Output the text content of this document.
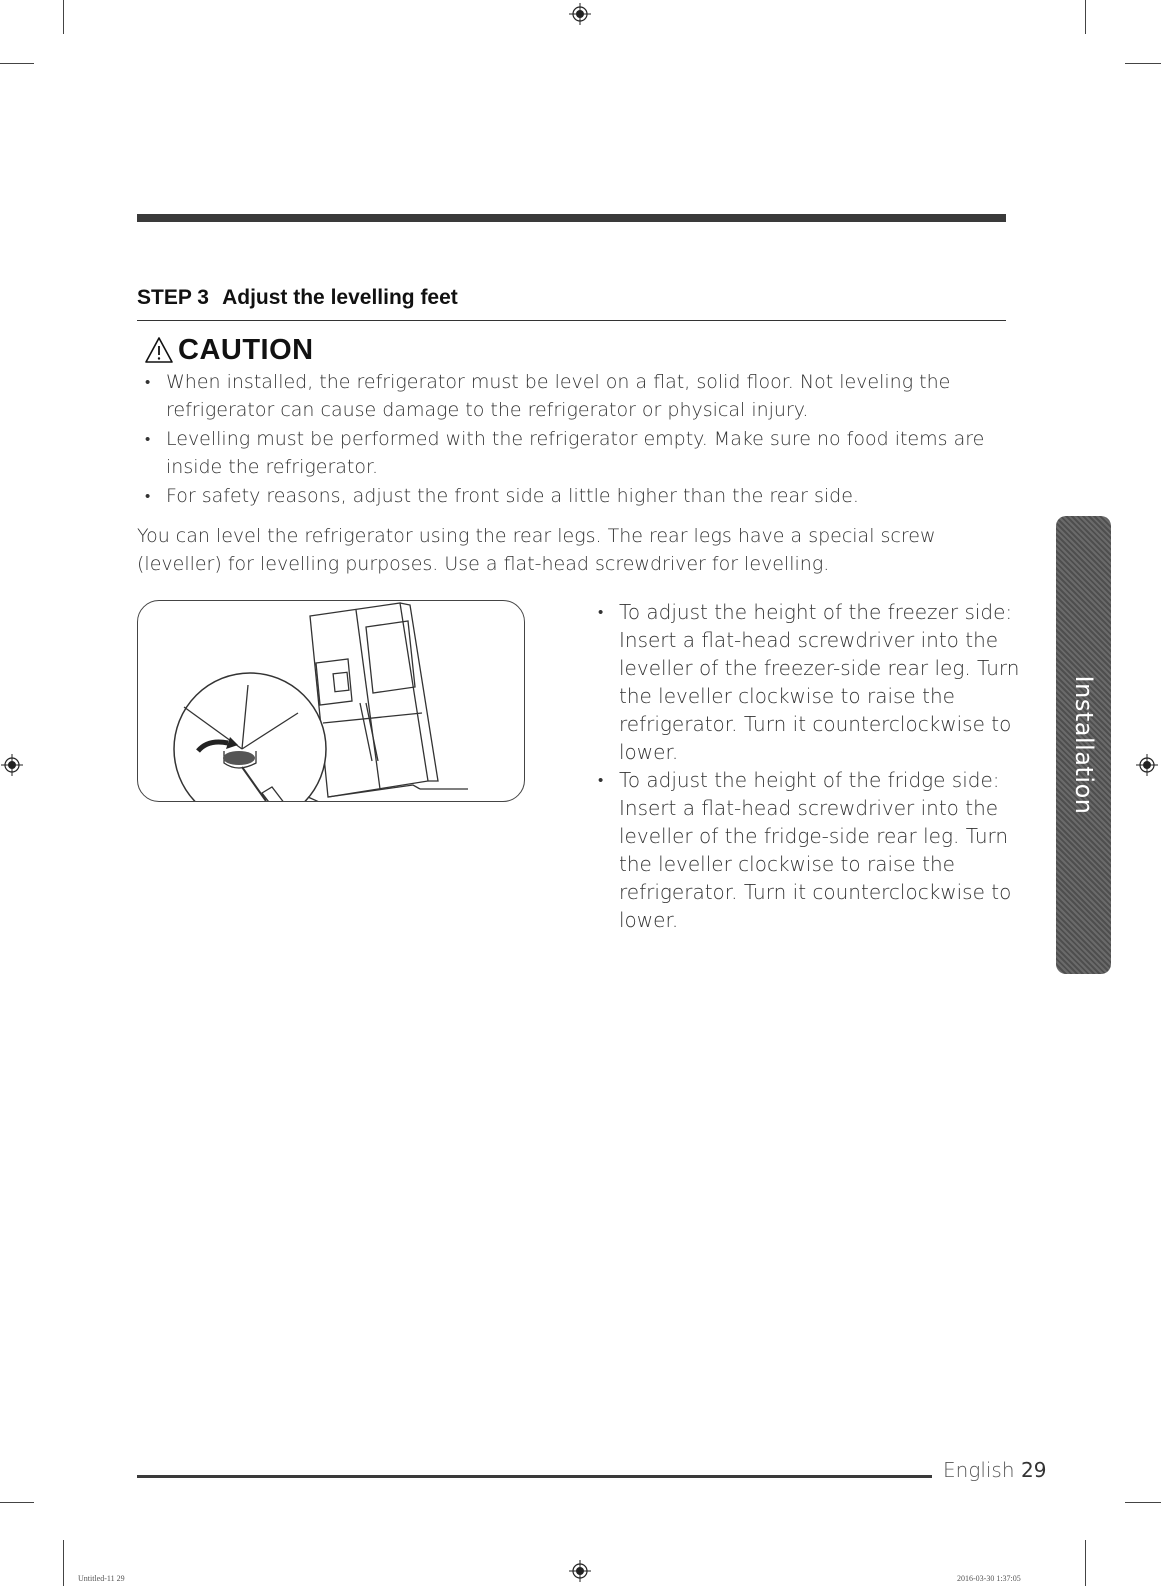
STEP 3 Adjust the levelling feet
CAUTION
• When installed, the refrigerator must be level on a flat, solid floor. Not leveling the refrigerator can cause damage to the refrigerator or physical injury.
• Levelling must be performed with the refrigerator empty. Make sure no food items are inside the refrigerator.
• For safety reasons, adjust the front side a little higher than the rear side.

You can level the refrigerator using the rear legs. The rear legs have a special screw (leveller) for levelling purposes. Use a flat-head screwdriver for levelling.

• To adjust the height of the freezer side: Insert a flat-head screwdriver into the leveller of the freezer-side rear leg. Turn the leveller clockwise to raise the refrigerator. Turn it counterclockwise to lower.
• To adjust the height of the fridge side: Insert a flat-head screwdriver into the leveller of the fridge-side rear leg. Turn the leveller clockwise to raise the refrigerator. Turn it counterclockwise to lower.
Installation
English 29
Untitled-11 29	2016-03-30 1:37:05
